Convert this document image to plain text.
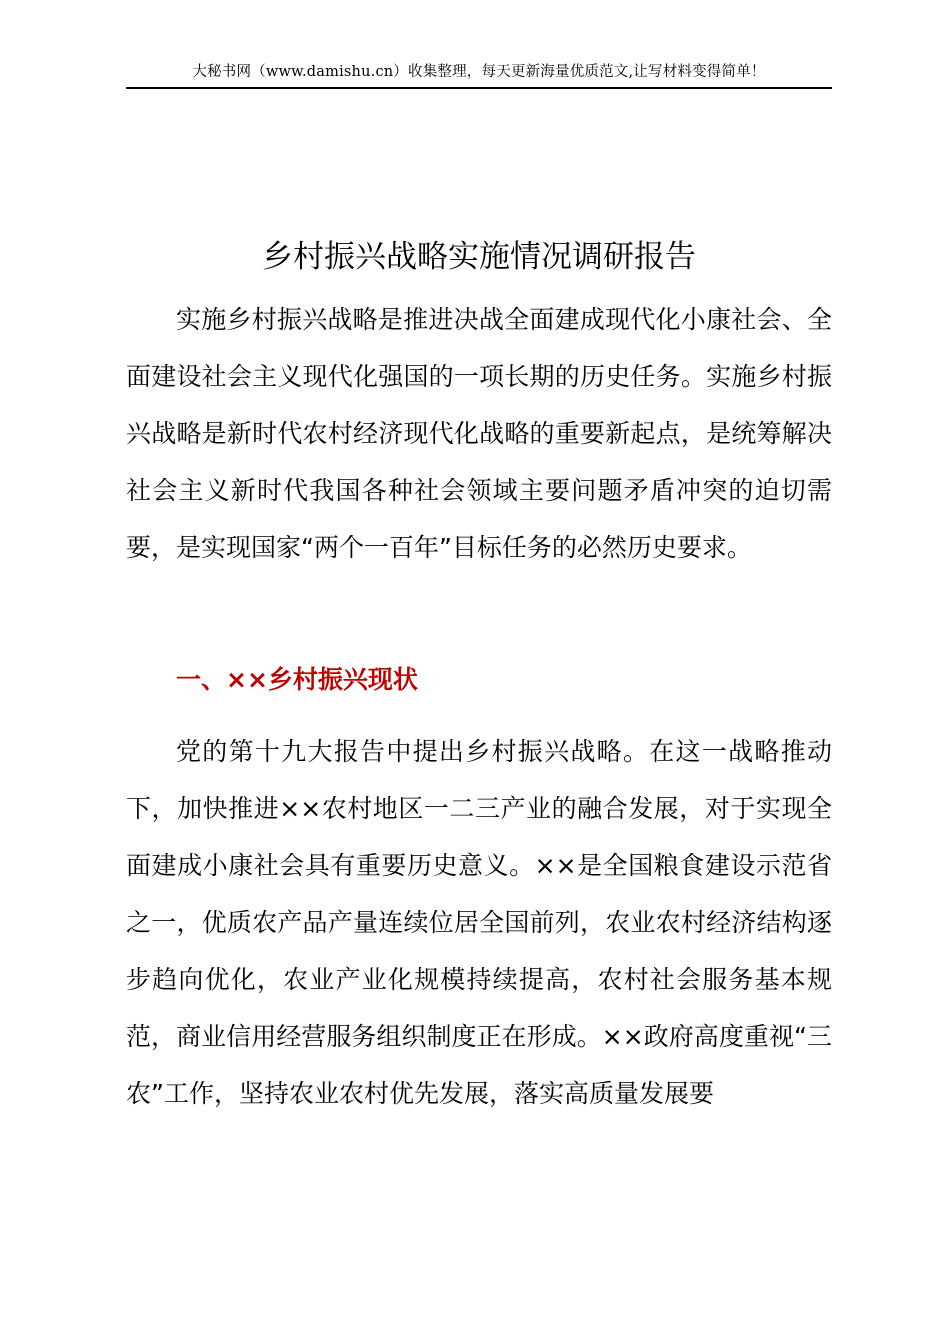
大秘书网（www.damishu.cn）收集整理，每天更新海量优质范文,让写材料变得简单！
乡村振兴战略实施情况调研报告

实施乡村振兴战略是推进决战全面建成现代化小康社会、全面建设社会主义现代化强国的一项长期的历史任务。实施乡村振兴战略是新时代农村经济现代化战略的重要新起点，是统筹解决社会主义新时代我国各种社会领域主要问题矛盾冲突的迫切需要，是实现国家“两个一百年”目标任务的必然历史要求。

一、××乡村振兴现状

党的第十九大报告中提出乡村振兴战略。在这一战略推动下，加快推进××农村地区一二三产业的融合发展，对于实现全面建成小康社会具有重要历史意义。××是全国粮食建设示范省之一，优质农产品产量连续位居全国前列，农业农村经济结构逐步趋向优化，农业产业化规模持续提高，农村社会服务基本规范，商业信用经营服务组织制度正在形成。××政府高度重视“三农”工作，坚持农业农村优先发展，落实高质量发展要
